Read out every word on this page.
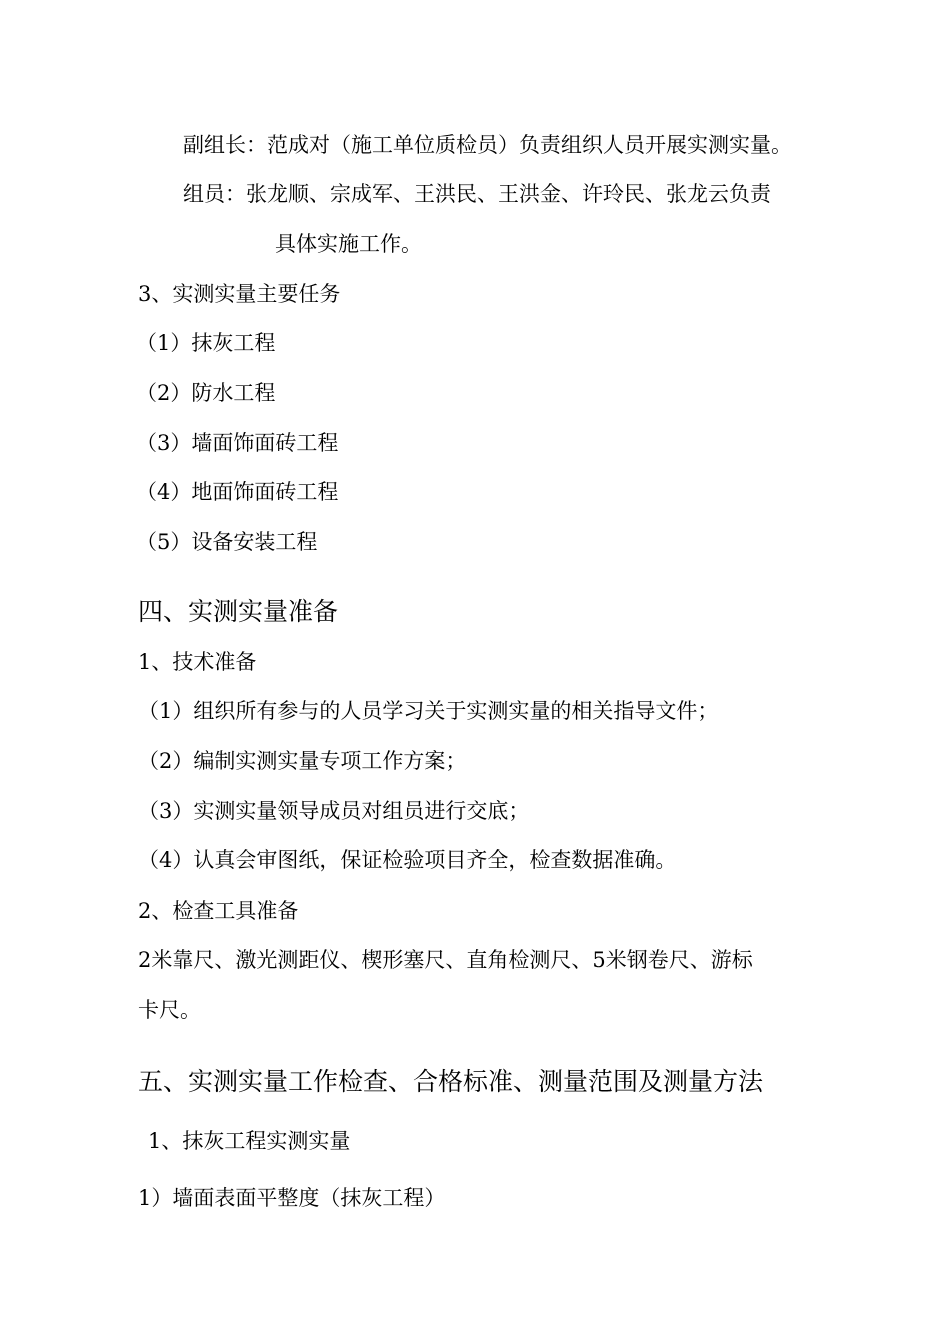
副组长：范成对（施工单位质检员）负责组织人员开展实测实量。

组员：张龙顺、宗成军、王洪民、王洪金、许玲民、张龙云负责

具体实施工作。

3、实测实量主要任务

（1）抹灰工程

（2）防水工程

（3）墙面饰面砖工程

（4）地面饰面砖工程

（5）设备安装工程

四、实测实量准备

1、技术准备

（1）组织所有参与的人员学习关于实测实量的相关指导文件；

（2）编制实测实量专项工作方案；

（3）实测实量领导成员对组员进行交底；

（4）认真会审图纸，保证检验项目齐全，检查数据准确。

2、检查工具准备

2米靠尺、激光测距仪、楔形塞尺、直角检测尺、5米钢卷尺、游标

卡尺。

五、实测实量工作检查、合格标准、测量范围及测量方法

1、抹灰工程实测实量

1）墙面表面平整度（抹灰工程）
